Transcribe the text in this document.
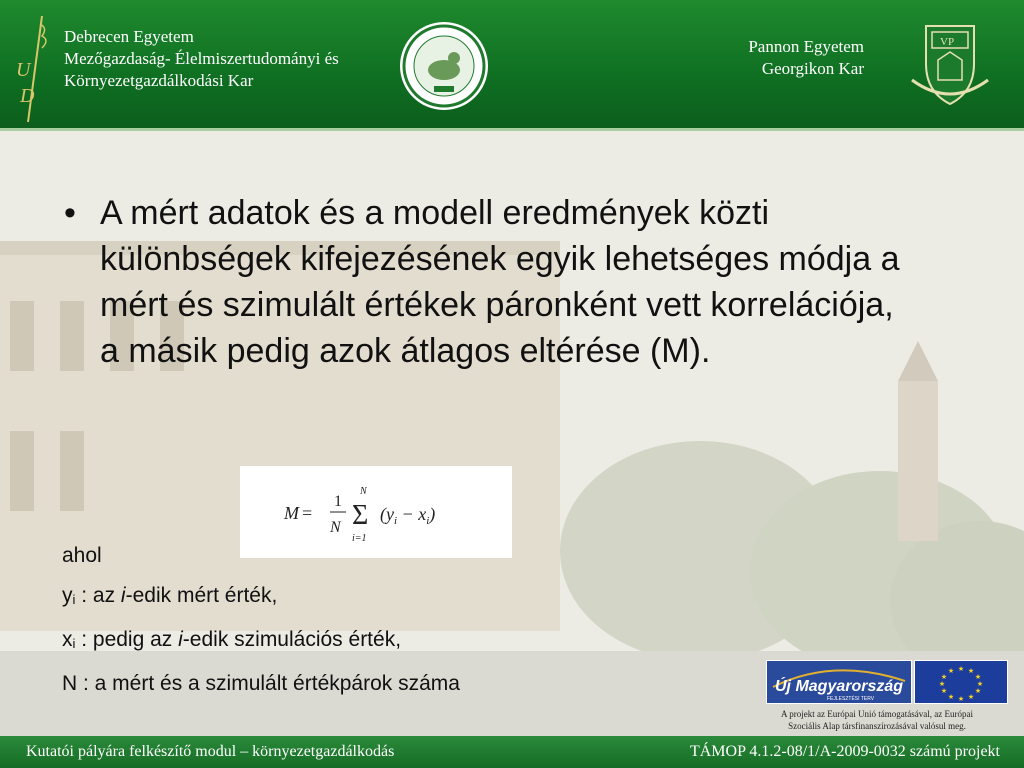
U
D
Debrecen Egyetem
Mezőgazdaság- Élelmiszertudományi és
Környezetgazdálkodási Kar
Pannon Egyetem
Georgikon Kar
VP
• A mért adatok és a modell eredmények közti különbségek kifejezésének egyik lehetséges módja a mért és szimulált értékek páronként vett korrelációja, a másik pedig azok átlagos eltérése (M).
M =
1
N
N
Σ
i=1
$(y_i - x_i)$
ahol
yi : az i-edik mért érték,
xi : pedig az i-edik szimulációs érték,
N : a mért és a szimulált értékpárok száma	Új Magyarország
FEJLESZTÉSI TERV
★ ★
★
★
★
★
★
★
★
★
★
★
A projekt az Európai Unió támogatásával, az Európai
Szociális Alap társfinanszírozásával valósul meg.
Kutatói pályára felkészítő modul – környezetgazdálkodás	TÁMOP 4.1.2-08/1/A-2009-0032 számú projekt
